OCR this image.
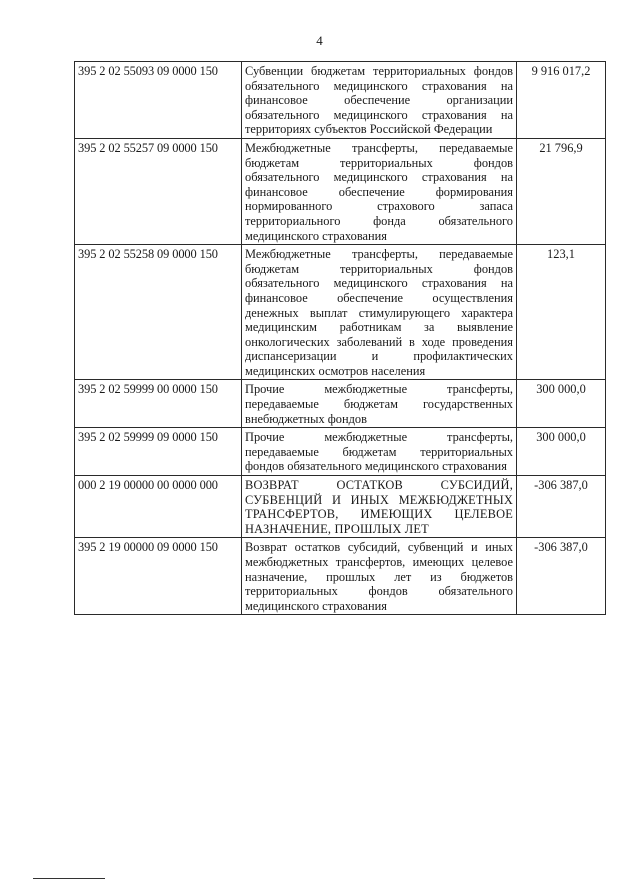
4
395 2 02 55093 09 0000 150	Субвенции бюджетам территориальных фондов обязательного медицинского страхования на финансовое обеспечение организации обязательного медицинского страхования на территориях субъектов Российской Федерации	9 916 017,2
395 2 02 55257 09 0000 150	Межбюджетные трансферты, передаваемые бюджетам территориальных фондов обязательного медицинского страхования на финансовое обеспечение формирования нормированного страхового запаса территориального фонда обязательного медицинского страхования	21 796,9
395 2 02 55258 09 0000 150	Межбюджетные трансферты, передаваемые бюджетам территориальных фондов обязательного медицинского страхования на финансовое обеспечение осуществления денежных выплат стимулирующего характера медицинским работникам за выявление онкологических заболеваний в ходе проведения диспансеризации и профилактических медицинских осмотров населения	123,1
395 2 02 59999 00 0000 150	Прочие межбюджетные трансферты, передаваемые бюджетам государственных внебюджетных фондов	300 000,0
395 2 02 59999 09 0000 150	Прочие межбюджетные трансферты, передаваемые бюджетам территориальных фондов обязательного медицинского страхования	300 000,0
000 2 19 00000 00 0000 000	ВОЗВРАТ ОСТАТКОВ СУБСИДИЙ, СУБВЕНЦИЙ И ИНЫХ МЕЖБЮДЖЕТНЫХ ТРАНСФЕРТОВ, ИМЕЮЩИХ ЦЕЛЕВОЕ НАЗНАЧЕНИЕ, ПРОШЛЫХ ЛЕТ	-306 387,0
395 2 19 00000 09 0000 150	Возврат остатков субсидий, субвенций и иных межбюджетных трансфертов, имеющих целевое назначение, прошлых лет из бюджетов территориальных фондов обязательного медицинского страхования	-306 387,0
